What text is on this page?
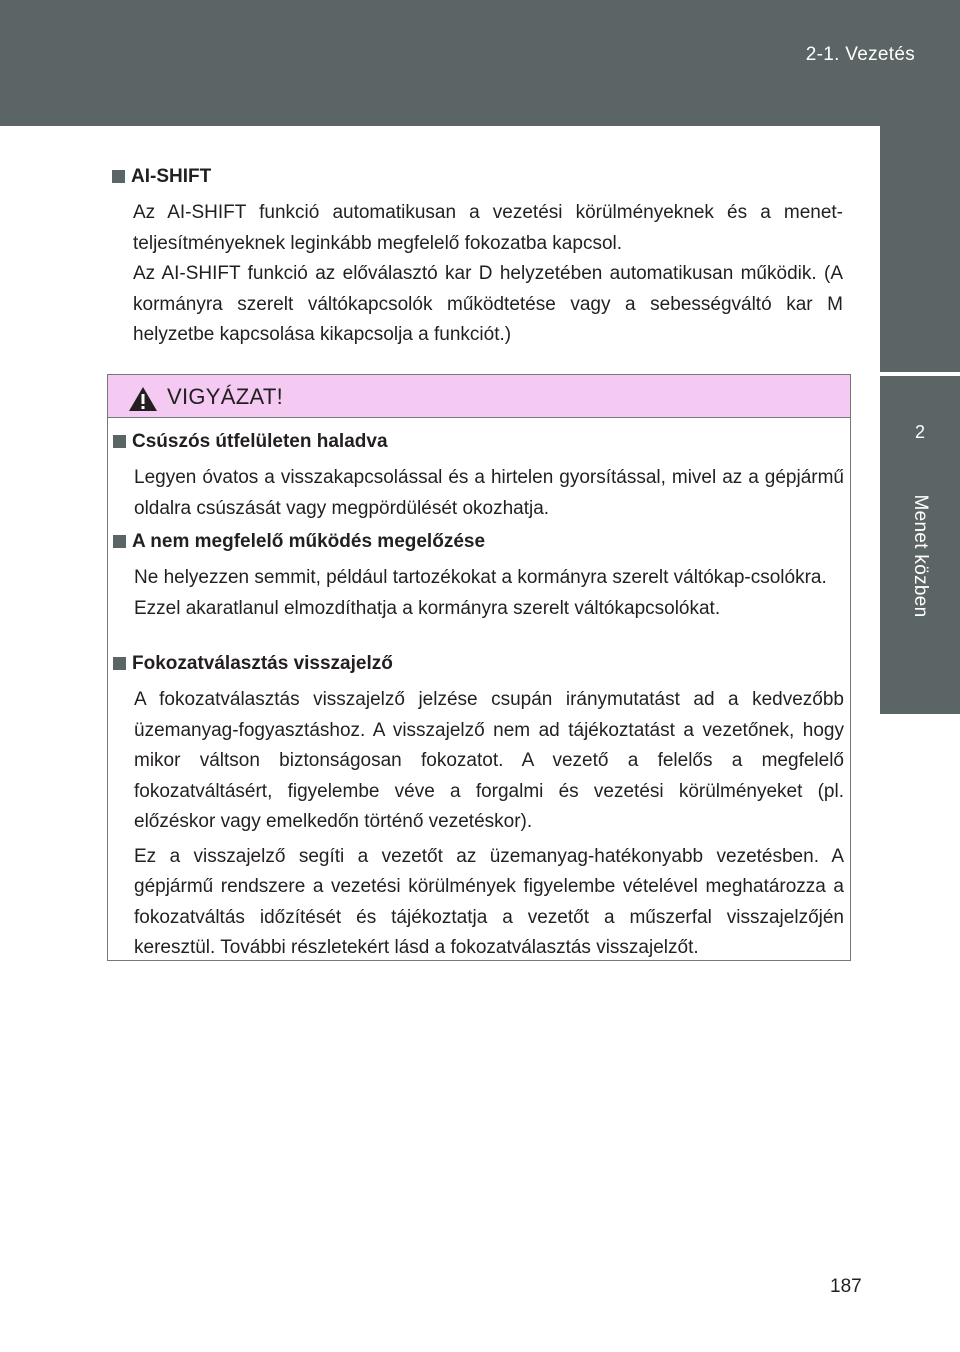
2-1. Vezetés
2
Menet közben
AI-SHIFT

Az AI-SHIFT funkció automatikusan a vezetési körülményeknek és a menet-teljesítményeknek leginkább megfelelő fokozatba kapcsol.

Az AI-SHIFT funkció az előválasztó kar D helyzetében automatikusan működik. (A kormányra szerelt váltókapcsolók működtetése vagy a sebességváltó kar M helyzetbe kapcsolása kikapcsolja a funkciót.)

VIGYÁZAT!

Csúszós útfelületen haladva

Legyen óvatos a visszakapcsolással és a hirtelen gyorsítással, mivel az a gépjármű oldalra csúszását vagy megpördülését okozhatja.

A nem megfelelő működés megelőzése

Ne helyezzen semmit, például tartozékokat a kormányra szerelt váltókap-csolókra.

Ezzel akaratlanul elmozdíthatja a kormányra szerelt váltókapcsolókat.

Fokozatválasztás visszajelző

A fokozatválasztás visszajelző jelzése csupán iránymutatást ad a kedvezőbb üzemanyag-fogyasztáshoz. A visszajelző nem ad tájékoztatást a vezetőnek, hogy mikor váltson biztonságosan fokozatot. A vezető a felelős a megfelelő fokozatváltásért, figyelembe véve a forgalmi és vezetési körülményeket (pl. előzéskor vagy emelkedőn történő vezetéskor).

Ez a visszajelző segíti a vezetőt az üzemanyag-hatékonyabb vezetésben. A gépjármű rendszere a vezetési körülmények figyelembe vételével meghatározza a fokozatváltás időzítését és tájékoztatja a vezetőt a műszerfal visszajelzőjén keresztül. További részletekért lásd a fokozatválasztás visszajelzőt.

187
